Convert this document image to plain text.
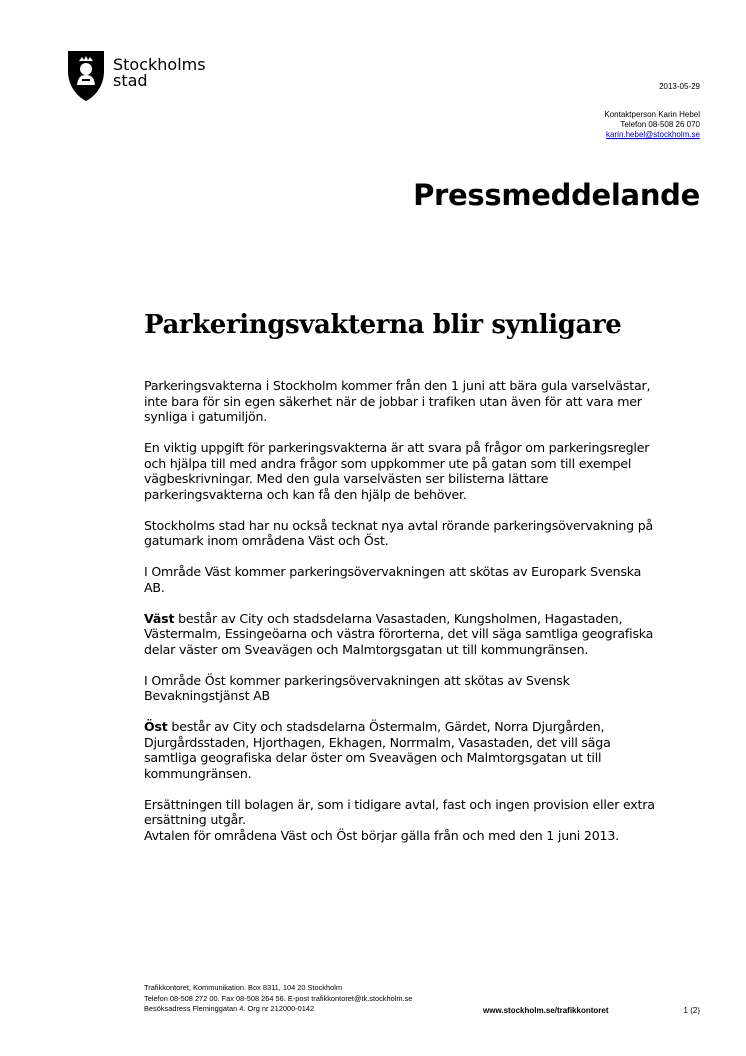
Stockholms
stad	2013-05-29
Kontaktperson Karin Hebel
Telefon 08-508 26 070
karin.hebel@stockholm.se
Pressmeddelande
Parkeringsvakterna blir synligare

Parkeringsvakterna i Stockholm kommer från den 1 juni att bära gula varselvästar, inte bara för sin egen säkerhet när de jobbar i trafiken utan även för att vara mer synliga i gatumiljön.

En viktig uppgift för parkeringsvakterna är att svara på frågor om parkeringsregler och hjälpa till med andra frågor som uppkommer ute på gatan som till exempel vägbeskrivningar. Med den gula varselvästen ser bilisterna lättare parkeringsvakterna och kan få den hjälp de behöver.

Stockholms stad har nu också tecknat nya avtal rörande parkeringsövervakning på gatumark inom områdena Väst och Öst.

I Område Väst kommer parkeringsövervakningen att skötas av Europark Svenska AB.

Väst består av City och stadsdelarna Vasastaden, Kungsholmen, Hagastaden, Västermalm, Essingeöarna och västra förorterna, det vill säga samtliga geografiska delar väster om Sveavägen och Malmtorgsgatan ut till kommungränsen.

I Område Öst kommer parkeringsövervakningen att skötas av Svensk Bevakningstjänst AB

Öst består av City och stadsdelarna Östermalm, Gärdet, Norra Djurgården, Djurgårdsstaden, Hjorthagen, Ekhagen, Norrmalm, Vasastaden, det vill säga samtliga geografiska delar öster om Sveavägen och Malmtorgsgatan ut till kommungränsen.

Ersättningen till bolagen är, som i tidigare avtal, fast och ingen provision eller extra ersättning utgår.
Avtalen för områdena Väst och Öst börjar gälla från och med den 1 juni 2013.

Trafikkontoret, Kommunikation. Box 8311, 104 20 Stockholm
Telefon 08-508 272 00. Fax 08-508 264 56. E-post trafikkontoret@tk.stockholm.se
Besöksadress Fleminggatan 4. Org nr 212000-0142	www.stockholm.se/trafikkontoret	1 (2)
